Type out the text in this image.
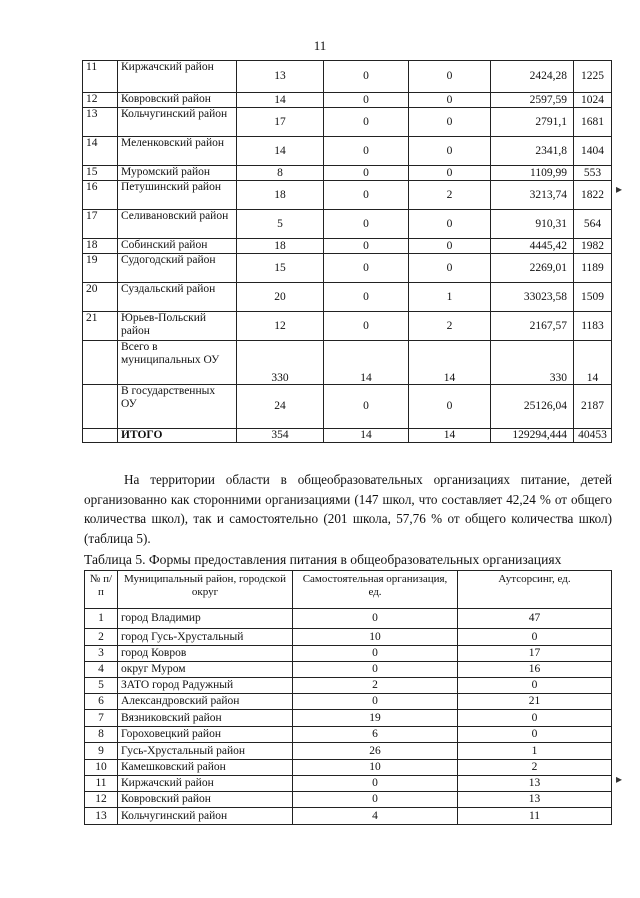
11
11	Киржачский район	13	0	0	2424,28	1225
12	Ковровский район	14	0	0	2597,59	1024
13	Кольчугинский район	17	0	0	2791,1	1681
14	Меленковский район	14	0	0	2341,8	1404
15	Муромский район	8	0	0	1109,99	553
16	Петушинский район	18	0	2	3213,74	1822
17	Селивановский район	5	0	0	910,31	564
18	Собинский район	18	0	0	4445,42	1982
19	Судогодский район	15	0	0	2269,01	1189
20	Суздальский район	20	0	1	33023,58	1509
21	Юрьев-Польский район	12	0	2	2167,57	1183
	Всего в муниципальных ОУ	330	14	14	330	14
	В государственных ОУ	24	0	0	25126,04	2187
	ИТОГО	354	14	14	129294,444	40453
На территории области в общеобразовательных организациях питание, детей организованно как сторонними организациями (147 школ, что составляет 42,24 % от общего количества школ), так и самостоятельно (201 школа, 57,76 % от общего количества школ) (таблица 5).
Таблица 5. Формы предоставления питания в общеобразовательных организациях
№ п/п	Муниципальный район, городской округ	Самостоятельная организация, ед.	Аутсорсинг, ед.
1	город Владимир	0	47
2	город Гусь-Хрустальный	10	0
3	город Ковров	0	17
4	округ Муром	0	16
5	ЗАТО город Радужный	2	0
6	Александровский район	0	21
7	Вязниковский район	19	0
8	Гороховецкий район	6	0
9	Гусь-Хрустальный район	26	1
10	Камешковский район	10	2
11	Киржачский район	0	13
12	Ковровский район	0	13
13	Кольчугинский район	4	11
▸
▸
